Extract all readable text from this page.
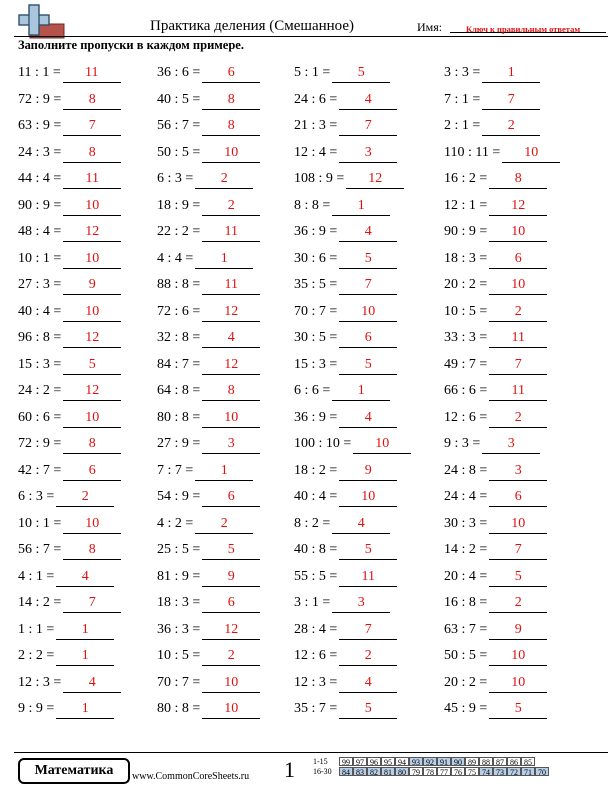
Практика деления (Смешанное)	Имя:	Ключ к правильным ответам
Заполните пропуски в каждом примере.
11 : 1 =	11
72 : 9 =	8
63 : 9 =	7
24 : 3 =	8
44 : 4 =	11
90 : 9 =	10
48 : 4 =	12
10 : 1 =	10
27 : 3 =	9
40 : 4 =	10
96 : 8 =	12
15 : 3 =	5
24 : 2 =	12
60 : 6 =	10
72 : 9 =	8
42 : 7 =	6
6 : 3 =	2
10 : 1 =	10
56 : 7 =	8
4 : 1 =	4
14 : 2 =	7
1 : 1 =	1
2 : 2 =	1
12 : 3 =	4
9 : 9 =	1
36 : 6 =	6
40 : 5 =	8
56 : 7 =	8
50 : 5 =	10
6 : 3 =	2
18 : 9 =	2
22 : 2 =	11
4 : 4 =	1
88 : 8 =	11
72 : 6 =	12
32 : 8 =	4
84 : 7 =	12
64 : 8 =	8
80 : 8 =	10
27 : 9 =	3
7 : 7 =	1
54 : 9 =	6
4 : 2 =	2
25 : 5 =	5
81 : 9 =	9
18 : 3 =	6
36 : 3 =	12
10 : 5 =	2
70 : 7 =	10
80 : 8 =	10
5 : 1 =	5
24 : 6 =	4
21 : 3 =	7
12 : 4 =	3
108 : 9 =	12
8 : 8 =	1
36 : 9 =	4
30 : 6 =	5
35 : 5 =	7
70 : 7 =	10
30 : 5 =	6
15 : 3 =	5
6 : 6 =	1
36 : 9 =	4
100 : 10 =	10
18 : 2 =	9
40 : 4 =	10
8 : 2 =	4
40 : 8 =	5
55 : 5 =	11
3 : 1 =	3
28 : 4 =	7
12 : 6 =	2
12 : 3 =	4
35 : 7 =	5
3 : 3 =	1
7 : 1 =	7
2 : 1 =	2
110 : 11 =	10
16 : 2 =	8
12 : 1 =	12
90 : 9 =	10
18 : 3 =	6
20 : 2 =	10
10 : 5 =	2
33 : 3 =	11
49 : 7 =	7
66 : 6 =	11
12 : 6 =	2
9 : 3 =	3
24 : 8 =	3
24 : 4 =	6
30 : 3 =	10
14 : 2 =	7
20 : 4 =	5
16 : 8 =	2
63 : 7 =	9
50 : 5 =	10
20 : 2 =	10
45 : 9 =	5
Математика	www.CommonCoreSheets.ru 1 1-15	99 97 96 95 94 93 92 91 90 89 88 87 86 85
16-30	84 83 82 81 80 79 78 77 76 75 74 73 72 71 70
